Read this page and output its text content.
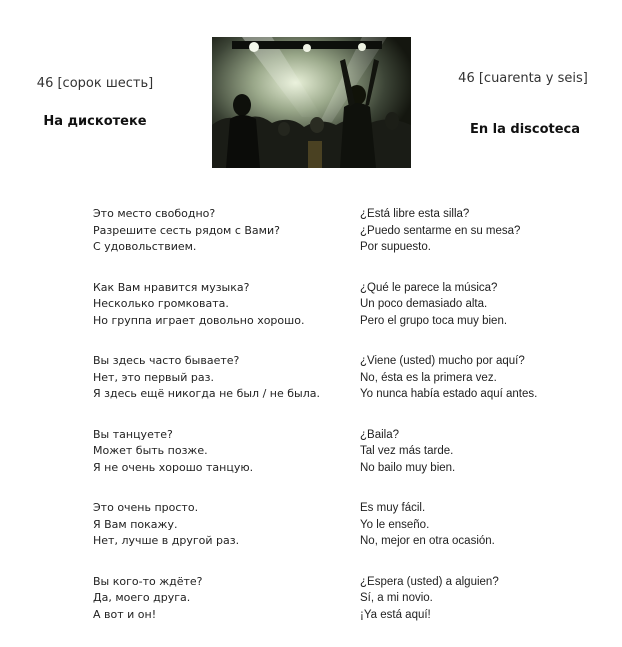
46 [сорок шесть]
На дискотеке
46 [cuarenta y seis]
En la discoteca
Это место свободно?
Разрешите сесть рядом с Вами?
С удовольствием.
Как Вам нравится музыка?
Несколько громковата.
Но группа играет довольно хорошо.
Вы здесь часто бываете?
Нет, это первый раз.
Я здесь ещё никогда не был / не была.
Вы танцуете?
Может быть позже.
Я не очень хорошо танцую.
Это очень просто.
Я Вам покажу.
Нет, лучше в другой раз.
Вы кого-то ждёте?
Да, моего друга.
А вот и он!
¿Está libre esta silla?
¿Puedo sentarme en su mesa?
Por supuesto.
¿Qué le parece la música?
Un poco demasiado alta.
Pero el grupo toca muy bien.
¿Viene (usted) mucho por aquí?
No, ésta es la primera vez.
Yo nunca había estado aquí antes.
¿Baila?
Tal vez más tarde.
No bailo muy bien.
Es muy fácil.
Yo le enseño.
No, mejor en otra ocasión.
¿Espera (usted) a alguien?
Sí, a mi novio.
¡Ya está aquí!
